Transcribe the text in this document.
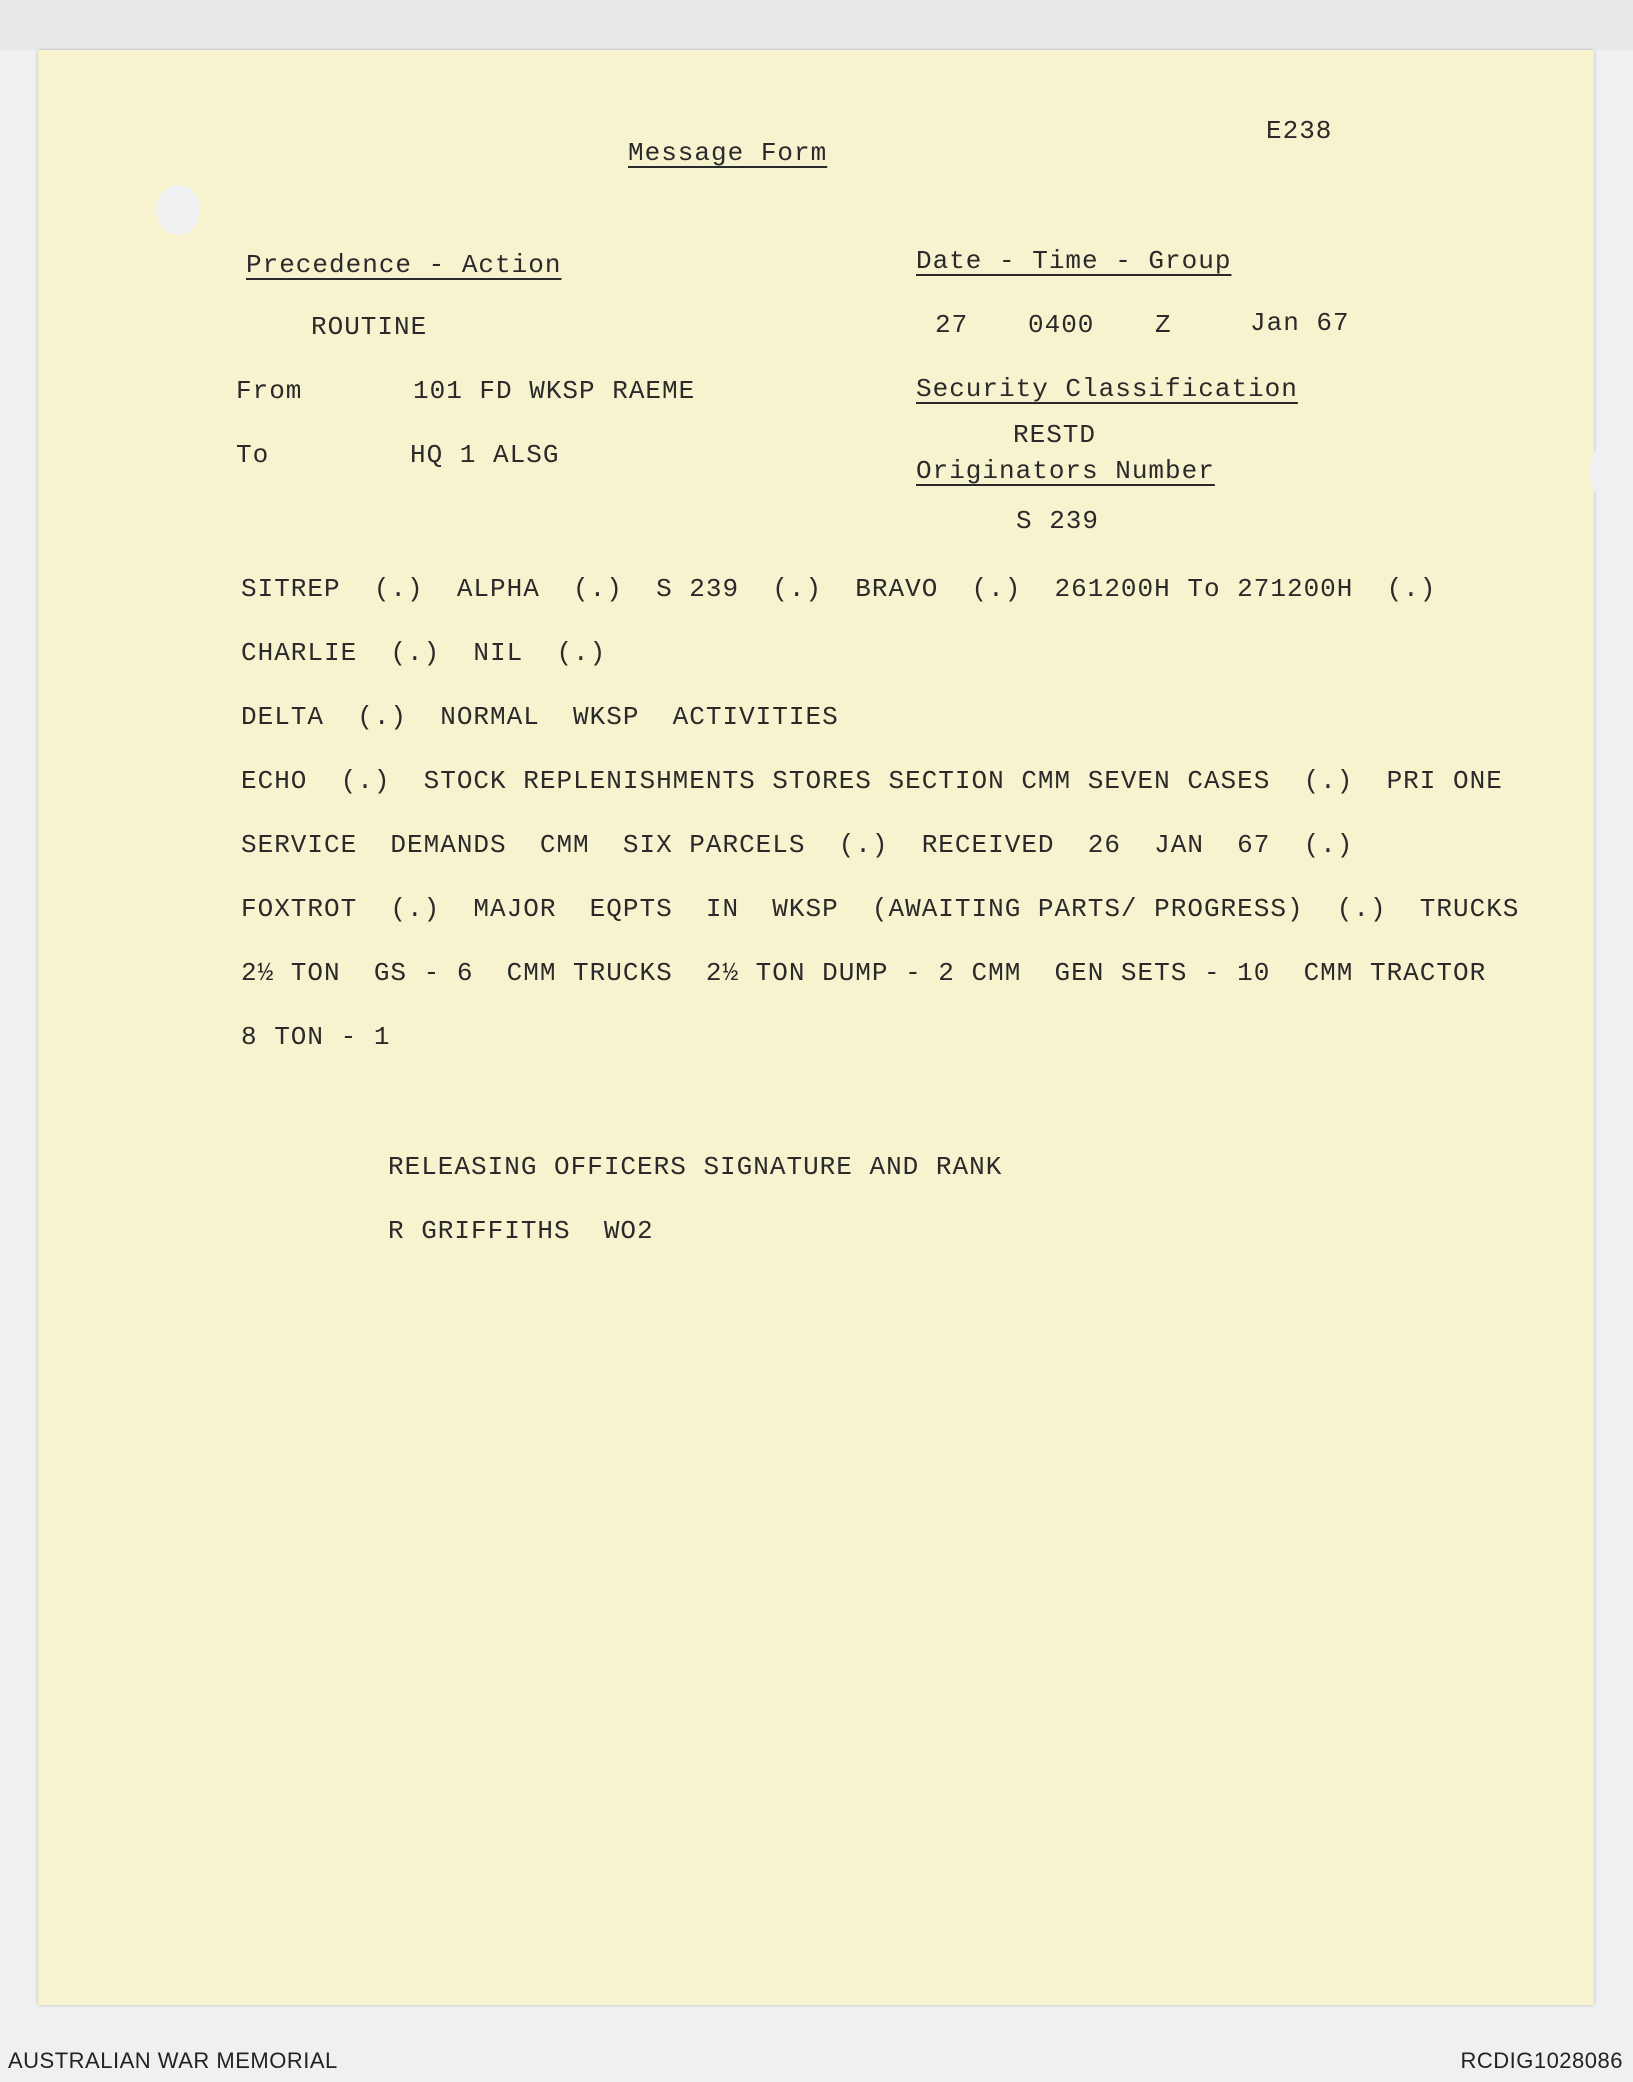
E238
Message Form
Precedence - Action
ROUTINE
From	101 FD WKSP RAEME
To	HQ 1 ALSG
Date - Time - Group
27 0400 Z	Jan 67
Security Classification
RESTD
Originators Number
S 239
SITREP  (.)  ALPHA  (.)  S 239  (.)  BRAVO  (.)  261200H To 271200H  (.)
CHARLIE  (.)  NIL  (.)
DELTA  (.)  NORMAL  WKSP  ACTIVITIES
ECHO  (.)  STOCK REPLENISHMENTS STORES SECTION CMM SEVEN CASES  (.)  PRI ONE
SERVICE  DEMANDS  CMM  SIX PARCELS  (.)  RECEIVED  26  JAN  67  (.)
FOXTROT  (.)  MAJOR  EQPTS  IN  WKSP  (AWAITING PARTS/ PROGRESS)  (.)  TRUCKS
2½ TON  GS - 6  CMM TRUCKS  2½ TON DUMP - 2 CMM  GEN SETS - 10  CMM TRACTOR
8 TON - 1
RELEASING OFFICERS SIGNATURE AND RANK
R GRIFFITHS  WO2
AUSTRALIAN WAR MEMORIAL	RCDIG1028086
